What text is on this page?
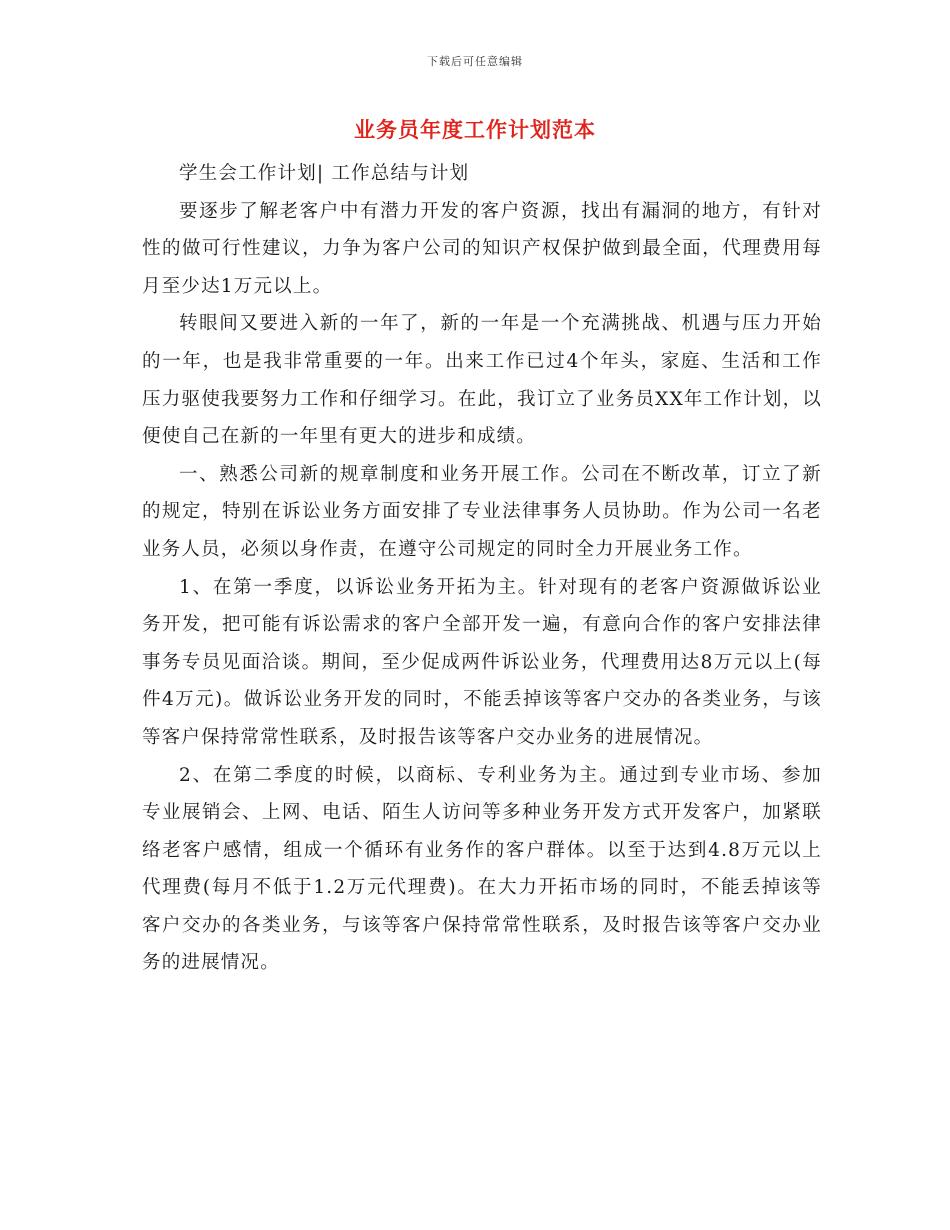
下载后可任意编辑
业务员年度工作计划范本

学生会工作计划| 工作总结与计划

要逐步了解老客户中有潜力开发的客户资源，找出有漏洞的地方，有针对性的做可行性建议，力争为客户公司的知识产权保护做到最全面，代理费用每月至少达1万元以上。

转眼间又要进入新的一年了，新的一年是一个充满挑战、机遇与压力开始的一年，也是我非常重要的一年。出来工作已过4个年头，家庭、生活和工作压力驱使我要努力工作和仔细学习。在此，我订立了业务员XX年工作计划，以便使自己在新的一年里有更大的进步和成绩。

一、熟悉公司新的规章制度和业务开展工作。公司在不断改革，订立了新的规定，特别在诉讼业务方面安排了专业法律事务人员协助。作为公司一名老业务人员，必须以身作责，在遵守公司规定的同时全力开展业务工作。

1、在第一季度，以诉讼业务开拓为主。针对现有的老客户资源做诉讼业务开发，把可能有诉讼需求的客户全部开发一遍，有意向合作的客户安排法律事务专员见面洽谈。期间，至少促成两件诉讼业务，代理费用达8万元以上(每件4万元)。做诉讼业务开发的同时，不能丢掉该等客户交办的各类业务，与该等客户保持常常性联系，及时报告该等客户交办业务的进展情况。

2、在第二季度的时候，以商标、专利业务为主。通过到专业市场、参加专业展销会、上网、电话、陌生人访问等多种业务开发方式开发客户，加紧联络老客户感情，组成一个循环有业务作的客户群体。以至于达到4.8万元以上代理费(每月不低于1.2万元代理费)。在大力开拓市场的同时，不能丢掉该等客户交办的各类业务，与该等客户保持常常性联系，及时报告该等客户交办业务的进展情况。
